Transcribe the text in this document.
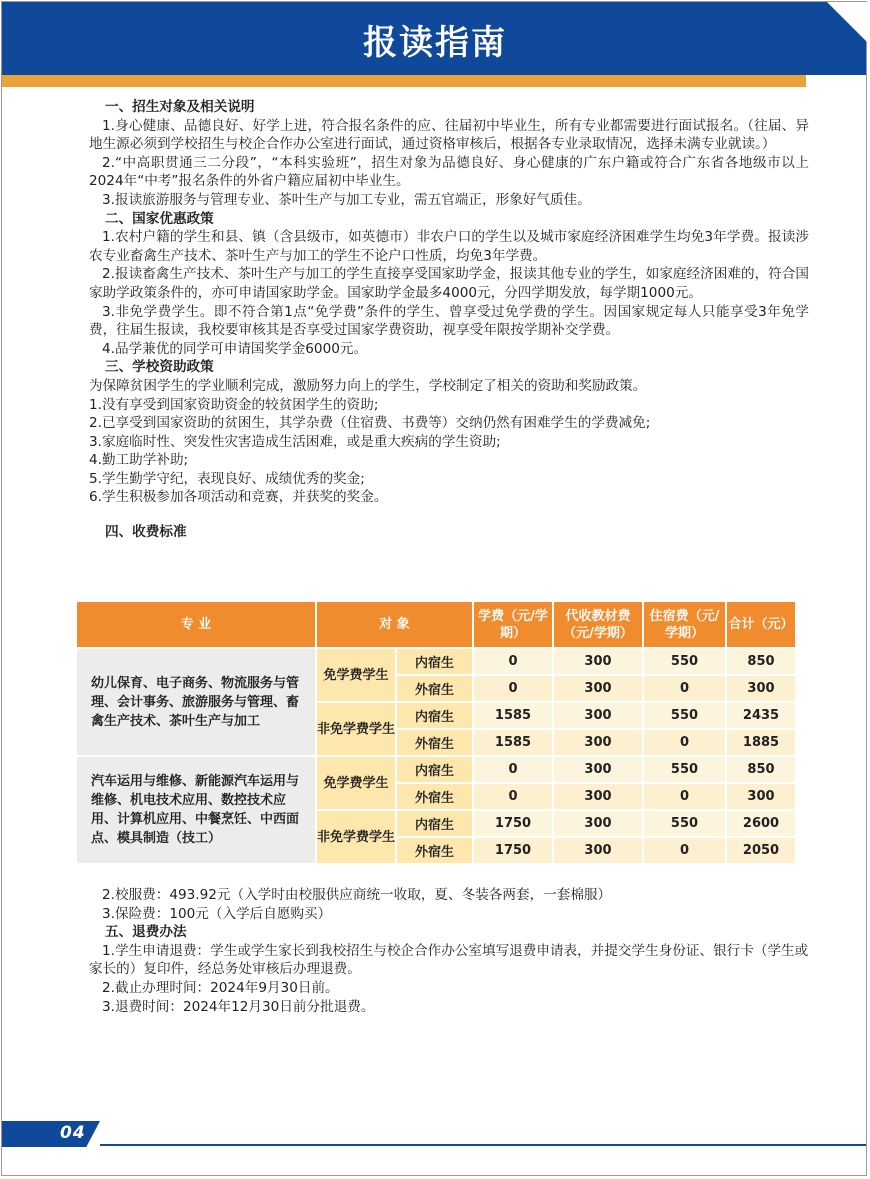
报读指南
一、招生对象及相关说明

1.身心健康、品德良好、好学上进，符合报名条件的应、往届初中毕业生，所有专业都需要进行面试报名。（往届、异地生源必须到学校招生与校企合作办公室进行面试，通过资格审核后，根据各专业录取情况，选择未满专业就读。）

2.“中高职贯通三二分段”，“本科实验班”，招生对象为品德良好、身心健康的广东户籍或符合广东省各地级市以上2024年“中考”报名条件的外省户籍应届初中毕业生。

3.报读旅游服务与管理专业、茶叶生产与加工专业，需五官端正，形象好气质佳。

二、国家优惠政策

1.农村户籍的学生和县、镇（含县级市，如英德市）非农户口的学生以及城市家庭经济困难学生均免3年学费。报读涉农专业畜禽生产技术、茶叶生产与加工的学生不论户口性质，均免3年学费。

2.报读畜禽生产技术、茶叶生产与加工的学生直接享受国家助学金，报读其他专业的学生，如家庭经济困难的，符合国家助学政策条件的，亦可申请国家助学金。国家助学金最多4000元，分四学期发放，每学期1000元。

3.非免学费学生。即不符合第1点“免学费”条件的学生、曾享受过免学费的学生。因国家规定每人只能享受3年免学费，往届生报读，我校要审核其是否享受过国家学费资助，视享受年限按学期补交学费。

4.品学兼优的同学可申请国奖学金6000元。

三、学校资助政策

为保障贫困学生的学业顺利完成，激励努力向上的学生，学校制定了相关的资助和奖励政策。

1.没有享受到国家资助资金的较贫困学生的资助;

2.已享受到国家资助的贫困生，其学杂费（住宿费、书费等）交纳仍然有困难学生的学费减免;

3.家庭临时性、突发性灾害造成生活困难，或是重大疾病的学生资助;

4.勤工助学补助;

5.学生勤学守纪，表现良好、成绩优秀的奖金;

6.学生积极参加各项活动和竞赛，并获奖的奖金。

四、收费标准
专 业	对 象		学费（元/学期）	代收教材费（元/学期）	住宿费（元/学期）	合计（元）
幼儿保育、电子商务、物流服务与管理、会计事务、旅游服务与管理、畜禽生产技术、茶叶生产与加工	免学费学生	内宿生	0	300	550	850
		外宿生	0	300	0	300
	非免学费学生	内宿生	1585	300	550	2435
		外宿生	1585	300	0	1885
汽车运用与维修、新能源汽车运用与维修、机电技术应用、数控技术应用、计算机应用、中餐烹饪、中西面点、模具制造（技工）	免学费学生	内宿生	0	300	550	850
		外宿生	0	300	0	300
	非免学费学生	内宿生	1750	300	550	2600
		外宿生	1750	300	0	2050

2.校服费：493.92元（入学时由校服供应商统一收取，夏、冬装各两套，一套棉服）

3.保险费：100元（入学后自愿购买）

五、退费办法

1.学生申请退费：学生或学生家长到我校招生与校企合作办公室填写退费申请表，并提交学生身份证、银行卡（学生或家长的）复印件，经总务处审核后办理退费。

2.截止办理时间：2024年9月30日前。

3.退费时间：2024年12月30日前分批退费。

04
